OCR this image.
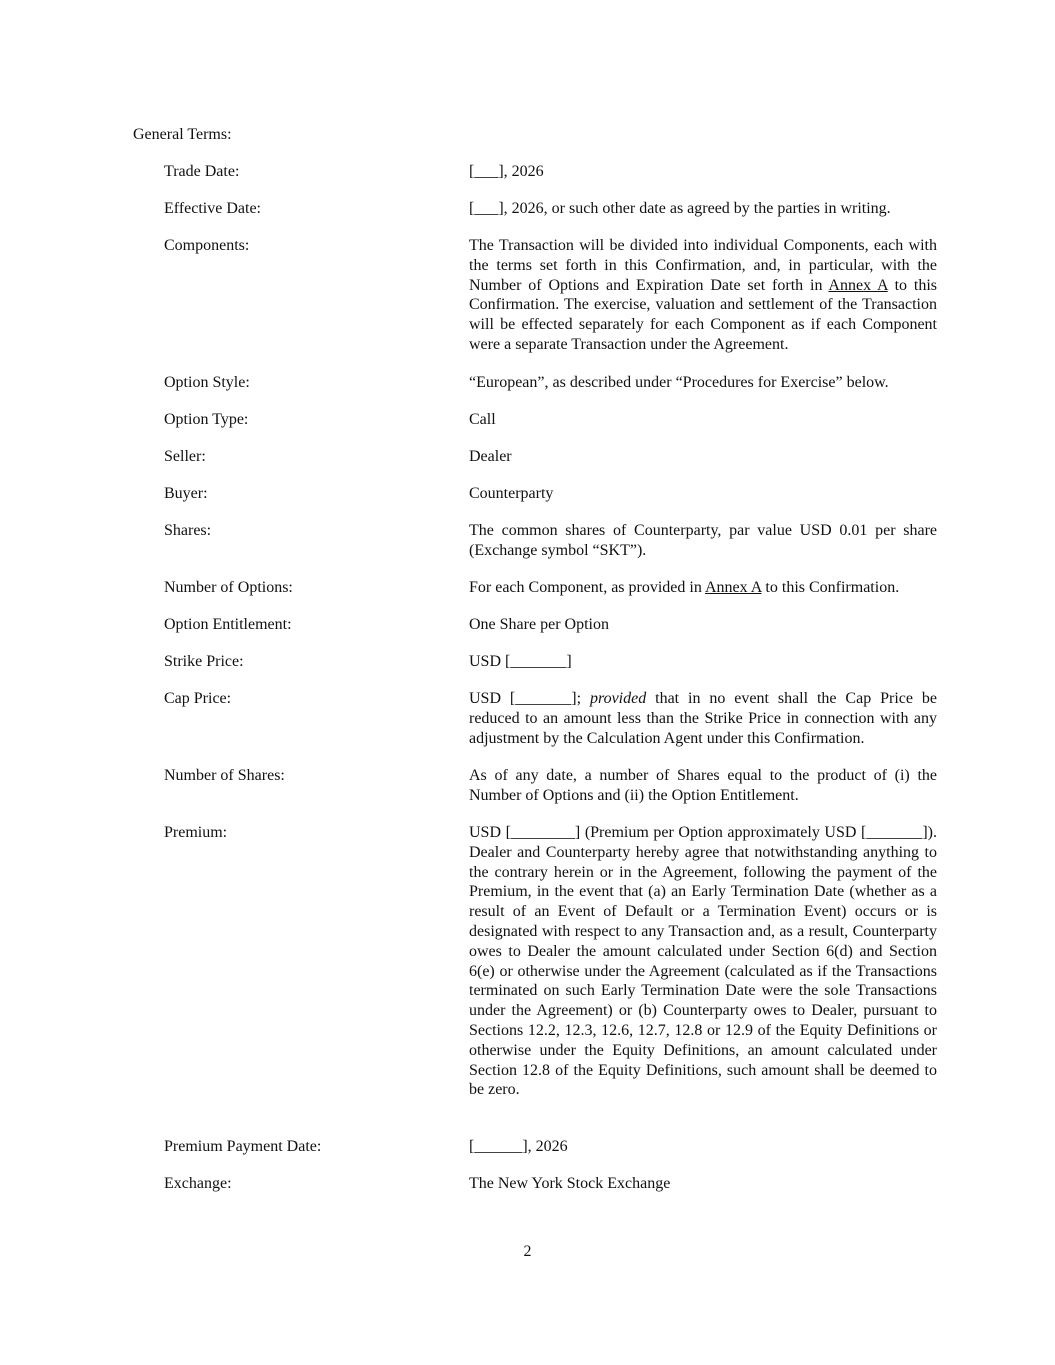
General Terms:
Trade Date:	[___], 2026
Effective Date:	[___], 2026, or such other date as agreed by the parties in writing.
Components:	The Transaction will be divided into individual Components, each with the terms set forth in this Confirmation, and, in particular, with the Number of Options and Expiration Date set forth in Annex A to this Confirmation. The exercise, valuation and settlement of the Transaction will be effected separately for each Component as if each Component were a separate Transaction under the Agreement.
Option Style:	“European”, as described under “Procedures for Exercise” below.
Option Type:	Call
Seller:	Dealer
Buyer:	Counterparty
Shares:	The common shares of Counterparty, par value USD 0.01 per share (Exchange symbol “SKT”).
Number of Options:	For each Component, as provided in Annex A to this Confirmation.
Option Entitlement:	One Share per Option
Strike Price:	USD [_______]
Cap Price:	USD [_______]; provided that in no event shall the Cap Price be reduced to an amount less than the Strike Price in connection with any adjustment by the Calculation Agent under this Confirmation.
Number of Shares:	As of any date, a number of Shares equal to the product of (i) the Number of Options and (ii) the Option Entitlement.
Premium:	USD [________] (Premium per Option approximately USD [_______]). Dealer and Counterparty hereby agree that notwithstanding anything to the contrary herein or in the Agreement, following the payment of the Premium, in the event that (a) an Early Termination Date (whether as a result of an Event of Default or a Termination Event) occurs or is designated with respect to any Transaction and, as a result, Counterparty owes to Dealer the amount calculated under Section 6(d) and Section 6(e) or otherwise under the Agreement (calculated as if the Transactions terminated on such Early Termination Date were the sole Transactions under the Agreement) or (b) Counterparty owes to Dealer, pursuant to Sections 12.2, 12.3, 12.6, 12.7, 12.8 or 12.9 of the Equity Definitions or otherwise under the Equity Definitions, an amount calculated under Section 12.8 of the Equity Definitions, such amount shall be deemed to be zero.
Premium Payment Date:	[______], 2026
Exchange:	The New York Stock Exchange
2
